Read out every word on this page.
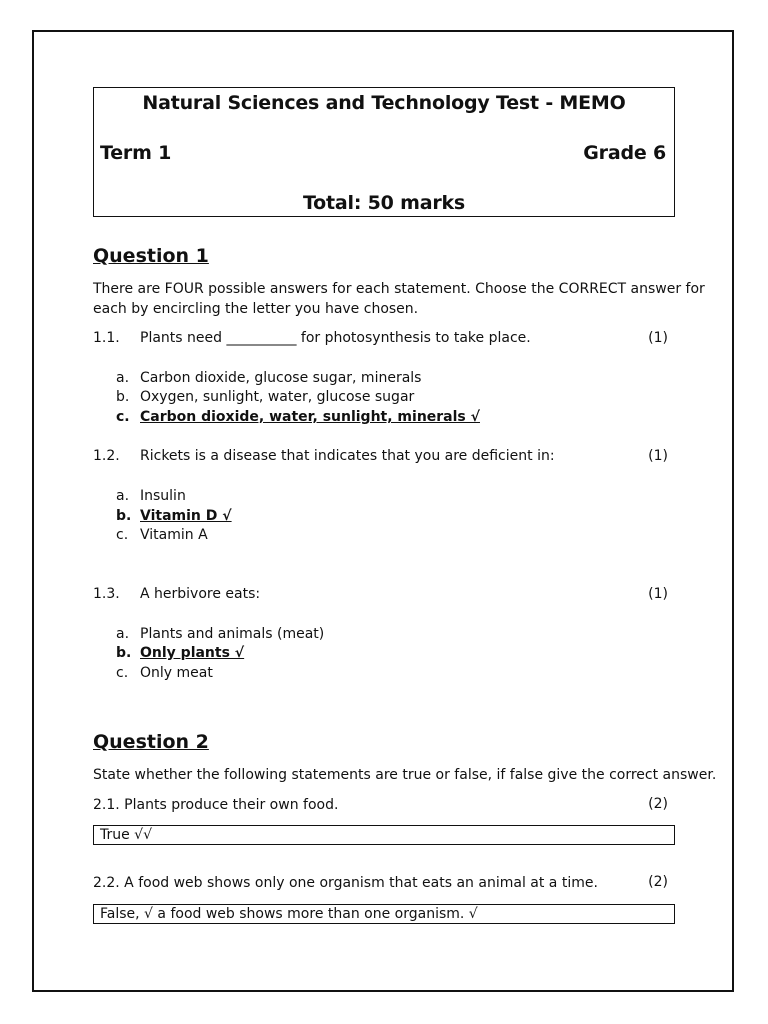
Natural Sciences and Technology Test - MEMO
Term 1	Grade 6
Total: 50 marks
Question 1
There are FOUR possible answers for each statement. Choose the CORRECT answer for
each by encircling the letter you have chosen.
1.1. Plants need __________ for photosynthesis to take place.	(1)
a. Carbon dioxide, glucose sugar, minerals
b. Oxygen, sunlight, water, glucose sugar
c. Carbon dioxide, water, sunlight, minerals √
1.2. Rickets is a disease that indicates that you are deficient in:	(1)
a. Insulin
b. Vitamin D √
c. Vitamin A
1.3. A herbivore eats:	(1)
a. Plants and animals (meat)
b. Only plants √
c. Only meat
Question 2
State whether the following statements are true or false, if false give the correct answer.
2.1. Plants produce their own food.	(2)
True √√
2.2. A food web shows only one organism that eats an animal at a time.	(2)
False, √ a food web shows more than one organism. √
